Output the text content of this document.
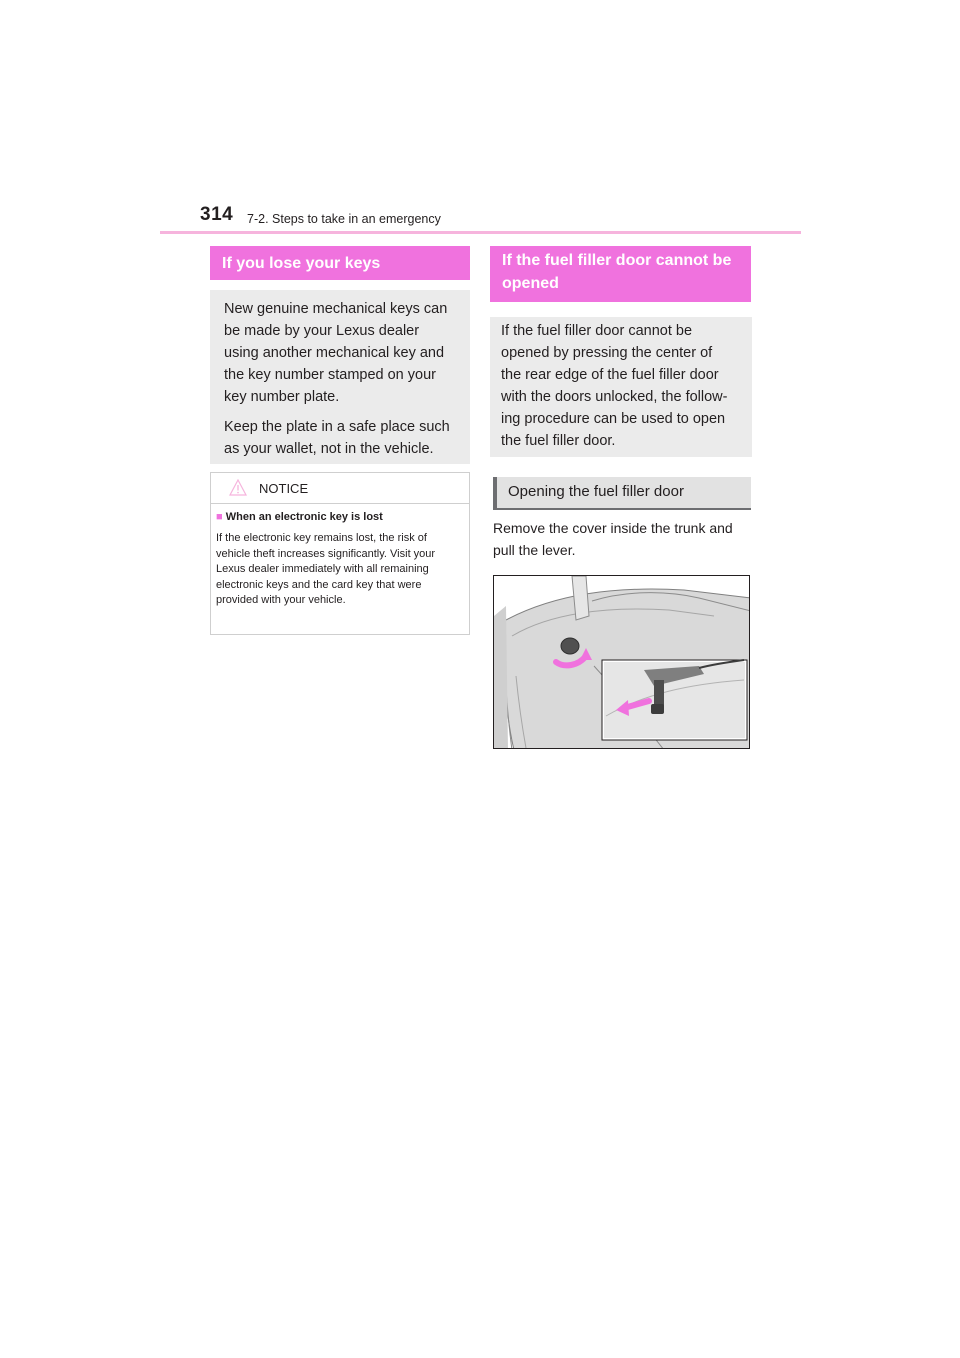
314 7-2. Steps to take in an emergency
If you lose your keys

New genuine mechanical keys can be made by your Lexus dealer using another mechanical key and the key number stamped on your key number plate.

Keep the plate in a safe place such as your wallet, not in the vehicle.

NOTICE
■ When an electronic key is lost
If the electronic key remains lost, the risk of vehicle theft increases significantly. Visit your Lexus dealer immediately with all remaining electronic keys and the card key that were provided with your vehicle.
If the fuel filler door cannot be opened

If the fuel filler door cannot be opened by pressing the center of the rear edge of the fuel filler door with the doors unlocked, the follow-ing procedure can be used to open the fuel filler door.

Opening the fuel filler door
Remove the cover inside the trunk and pull the lever.
